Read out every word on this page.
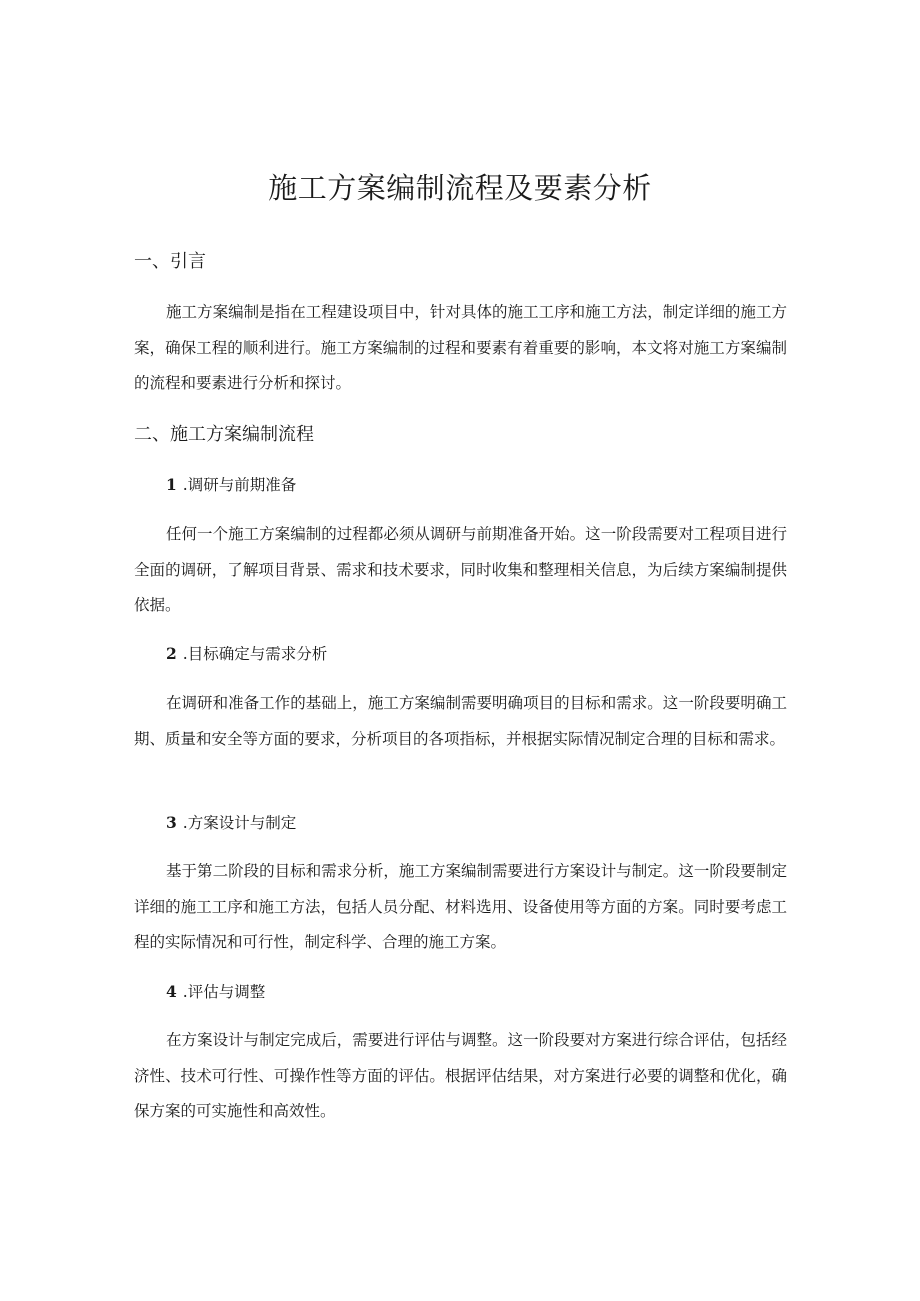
施工方案编制流程及要素分析
一、引言

施工方案编制是指在工程建设项目中，针对具体的施工工序和施工方法，制定详细的施工方案，确保工程的顺利进行。施工方案编制的过程和要素有着重要的影响，本文将对施工方案编制的流程和要素进行分析和探讨。

二、施工方案编制流程
1 .调研与前期准备

任何一个施工方案编制的过程都必须从调研与前期准备开始。这一阶段需要对工程项目进行全面的调研，了解项目背景、需求和技术要求，同时收集和整理相关信息，为后续方案编制提供依据。

2 .目标确定与需求分析

在调研和准备工作的基础上，施工方案编制需要明确项目的目标和需求。这一阶段要明确工期、质量和安全等方面的要求，分析项目的各项指标，并根据实际情况制定合理的目标和需求。

3 .方案设计与制定

基于第二阶段的目标和需求分析，施工方案编制需要进行方案设计与制定。这一阶段要制定详细的施工工序和施工方法，包括人员分配、材料选用、设备使用等方面的方案。同时要考虑工程的实际情况和可行性，制定科学、合理的施工方案。

4 .评估与调整

在方案设计与制定完成后，需要进行评估与调整。这一阶段要对方案进行综合评估，包括经济性、技术可行性、可操作性等方面的评估。根据评估结果，对方案进行必要的调整和优化，确保方案的可实施性和高效性。
